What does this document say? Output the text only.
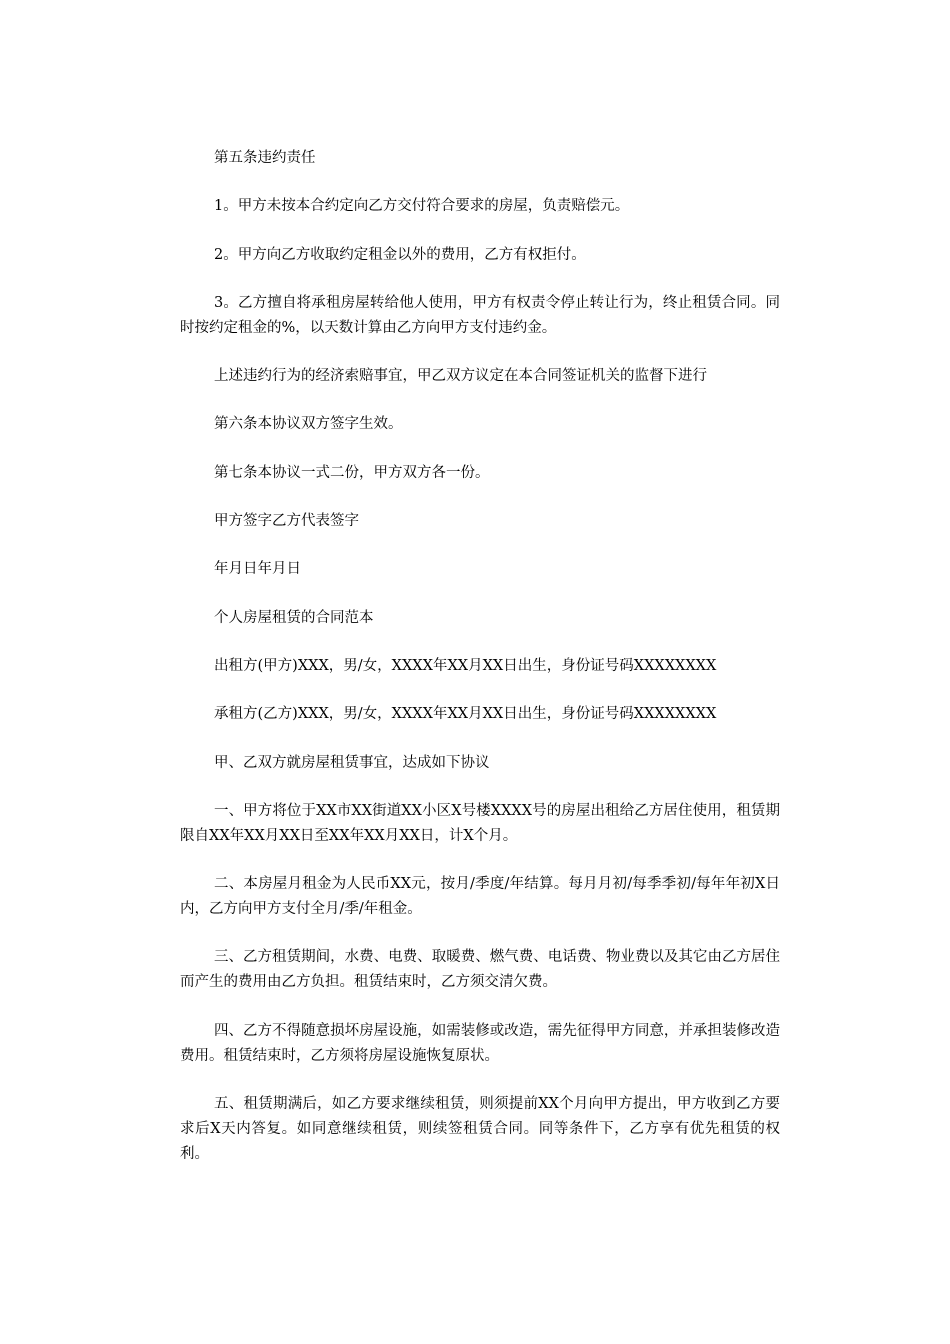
第五条违约责任

1。甲方未按本合约定向乙方交付符合要求的房屋，负责赔偿元。

2。甲方向乙方收取约定租金以外的费用，乙方有权拒付。

3。乙方擅自将承租房屋转给他人使用，甲方有权责令停止转让行为，终止租赁合同。同时按约定租金的%，以天数计算由乙方向甲方支付违约金。

上述违约行为的经济索赔事宜，甲乙双方议定在本合同签证机关的监督下进行

第六条本协议双方签字生效。

第七条本协议一式二份，甲方双方各一份。

甲方签字乙方代表签字

年月日年月日

个人房屋租赁的合同范本

出租方(甲方)XXX，男/女，XXXX年XX月XX日出生，身份证号码XXXXXXXX

承租方(乙方)XXX，男/女，XXXX年XX月XX日出生，身份证号码XXXXXXXX

甲、乙双方就房屋租赁事宜，达成如下协议

一、甲方将位于XX市XX街道XX小区X号楼XXXX号的房屋出租给乙方居住使用，租赁期限自XX年XX月XX日至XX年XX月XX日，计X个月。

二、本房屋月租金为人民币XX元，按月/季度/年结算。每月月初/每季季初/每年年初X日内，乙方向甲方支付全月/季/年租金。

三、乙方租赁期间，水费、电费、取暖费、燃气费、电话费、物业费以及其它由乙方居住而产生的费用由乙方负担。租赁结束时，乙方须交清欠费。

四、乙方不得随意损坏房屋设施，如需装修或改造，需先征得甲方同意，并承担装修改造费用。租赁结束时，乙方须将房屋设施恢复原状。

五、租赁期满后，如乙方要求继续租赁，则须提前XX个月向甲方提出，甲方收到乙方要求后X天内答复。如同意继续租赁，则续签租赁合同。同等条件下，乙方享有优先租赁的权利。
